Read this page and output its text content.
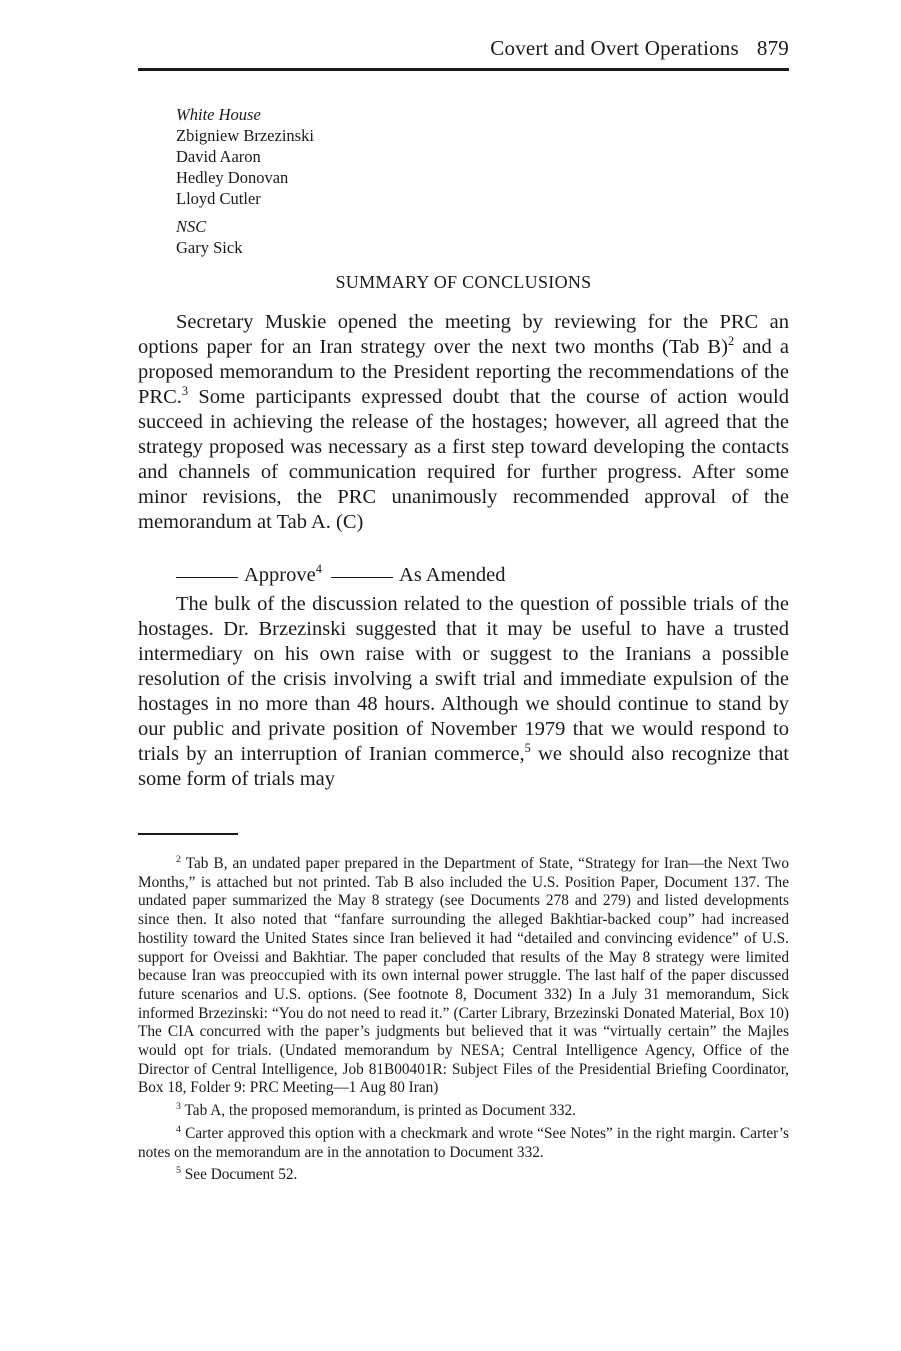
Covert and Overt Operations 879
White House
Zbigniew Brzezinski
David Aaron
Hedley Donovan
Lloyd Cutler
NSC
Gary Sick
SUMMARY OF CONCLUSIONS

Secretary Muskie opened the meeting by reviewing for the PRC an options paper for an Iran strategy over the next two months (Tab B)$^2$ and a proposed memorandum to the President reporting the recommendations of the PRC.$^3$ Some participants expressed doubt that the course of action would succeed in achieving the release of the hostages; however, all agreed that the strategy proposed was necessary as a first step toward developing the contacts and channels of communication required for further progress. After some minor revisions, the PRC unanimously recommended approval of the memorandum at Tab A. (C)

Approve$^4$	As Amended

The bulk of the discussion related to the question of possible trials of the hostages. Dr. Brzezinski suggested that it may be useful to have a trusted intermediary on his own raise with or suggest to the Iranians a possible resolution of the crisis involving a swift trial and immediate expulsion of the hostages in no more than 48 hours. Although we should continue to stand by our public and private position of November 1979 that we would respond to trials by an interruption of Iranian commerce,$^5$ we should also recognize that some form of trials may

$^2$ Tab B, an undated paper prepared in the Department of State, “Strategy for Iran—the Next Two Months,” is attached but not printed. Tab B also included the U.S. Position Paper, Document 137. The undated paper summarized the May 8 strategy (see Documents 278 and 279) and listed developments since then. It also noted that “fanfare surrounding the alleged Bakhtiar-backed coup” had increased hostility toward the United States since Iran believed it had “detailed and convincing evidence” of U.S. support for Oveissi and Bakhtiar. The paper concluded that results of the May 8 strategy were limited because Iran was preoccupied with its own internal power struggle. The last half of the paper discussed future scenarios and U.S. options. (See footnote 8, Document 332) In a July 31 memorandum, Sick informed Brzezinski: “You do not need to read it.” (Carter Library, Brzezinski Donated Material, Box 10) The CIA concurred with the paper’s judgments but believed that it was “virtually certain” the Majles would opt for trials. (Undated memorandum by NESA; Central Intelligence Agency, Office of the Director of Central Intelligence, Job 81B00401R: Subject Files of the Presidential Briefing Coordinator, Box 18, Folder 9: PRC Meeting—1 Aug 80 Iran)

$^3$ Tab A, the proposed memorandum, is printed as Document 332.

$^4$ Carter approved this option with a checkmark and wrote “See Notes” in the right margin. Carter’s notes on the memorandum are in the annotation to Document 332.

$^5$ See Document 52.
